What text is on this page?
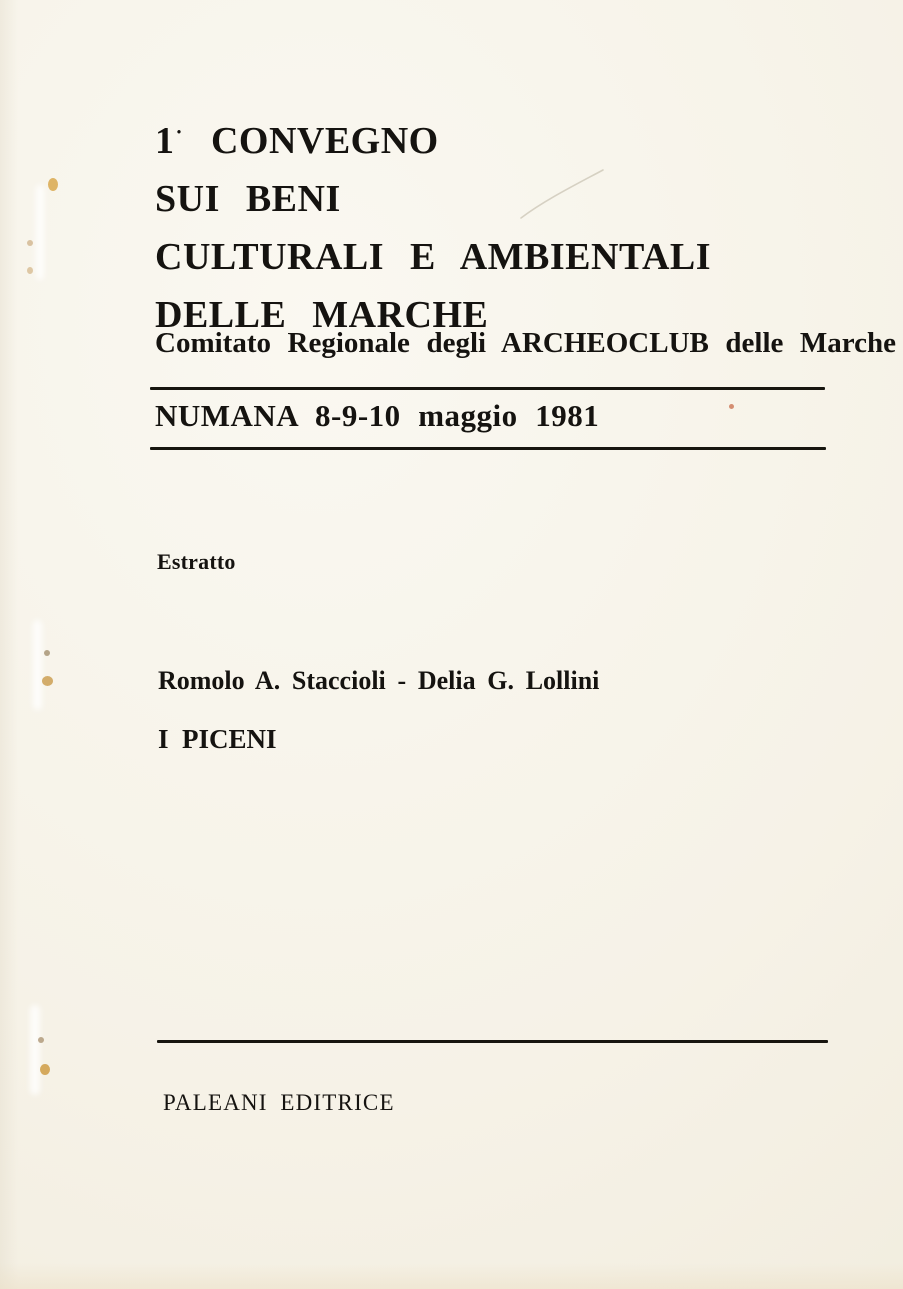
1· CONVEGNO
SUI BENI
CULTURALI E AMBIENTALI
DELLE MARCHE
Comitato Regionale degli ARCHEOCLUB delle Marche
NUMANA 8-9-10 maggio 1981
Estratto
Romolo A. Staccioli - Delia G. Lollini
I PICENI
PALEANI EDITRICE
